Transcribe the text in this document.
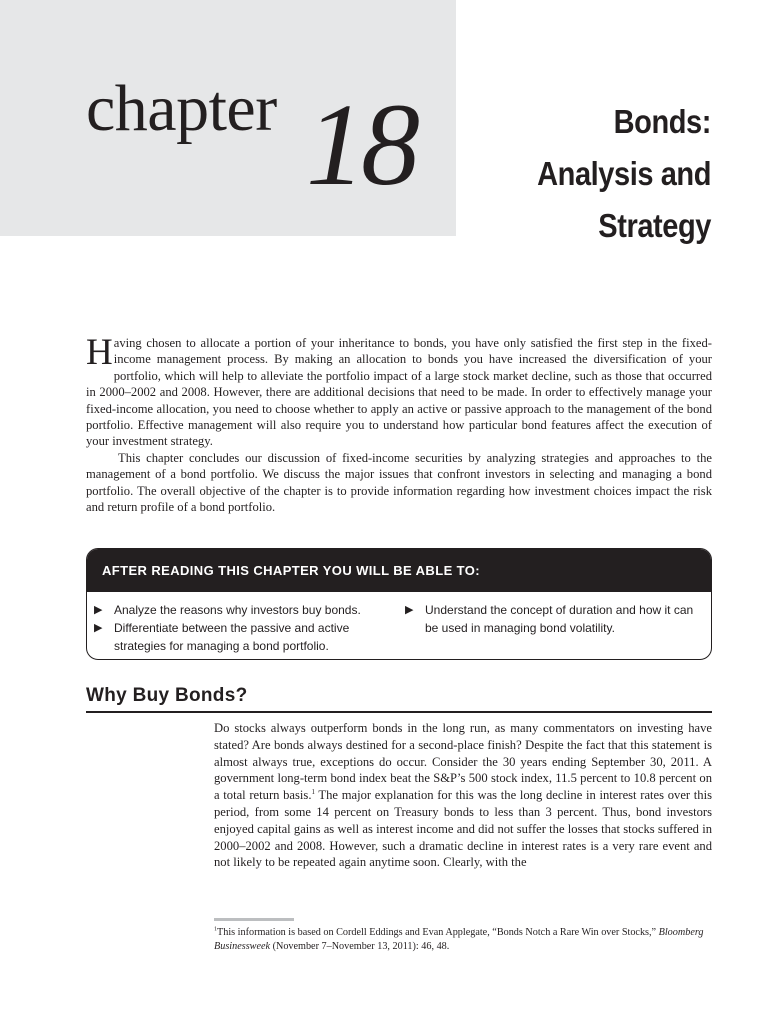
chapter 18	Bonds:
Analysis and
Strategy

Having chosen to allocate a portion of your inheritance to bonds, you have only satisfied the first step in the fixed-income management process. By making an allocation to bonds you have increased the diversification of your portfolio, which will help to alleviate the portfolio impact of a large stock market decline, such as those that occurred in 2000–2002 and 2008. However, there are additional decisions that need to be made. In order to effectively manage your fixed-income allocation, you need to choose whether to apply an active or passive approach to the management of the bond portfolio. Effective management will also require you to understand how particular bond features affect the execution of your investment strategy.

This chapter concludes our discussion of fixed-income securities by analyzing strategies and approaches to the management of a bond portfolio. We discuss the major issues that confront investors in selecting and managing a bond portfolio. The overall objective of the chapter is to provide information regarding how investment choices impact the risk and return profile of a bond portfolio.

AFTER READING THIS CHAPTER YOU WILL BE ABLE TO:
▶ Analyze the reasons why investors buy bonds.
▶ Differentiate between the passive and active strategies for managing a bond portfolio.
▶ Understand the concept of duration and how it can be used in managing bond volatility.
Why Buy Bonds?
Do stocks always outperform bonds in the long run, as many commentators on investing have stated? Are bonds always destined for a second-place finish? Despite the fact that this statement is almost always true, exceptions do occur. Consider the 30 years ending September 30, 2011. A government long-term bond index beat the S&P’s 500 stock index, 11.5 percent to 10.8 percent on a total return basis.$^1$ The major explanation for this was the long decline in interest rates over this period, from some 14 percent on Treasury bonds to less than 3 percent. Thus, bond investors enjoyed capital gains as well as interest income and did not suffer the losses that stocks suffered in 2000–2002 and 2008. However, such a dramatic decline in interest rates is a very rare event and not likely to be repeated again anytime soon. Clearly, with the
$^1$This information is based on Cordell Eddings and Evan Applegate, “Bonds Notch a Rare Win over Stocks,” Bloomberg Businessweek (November 7–November 13, 2011): 46, 48.
